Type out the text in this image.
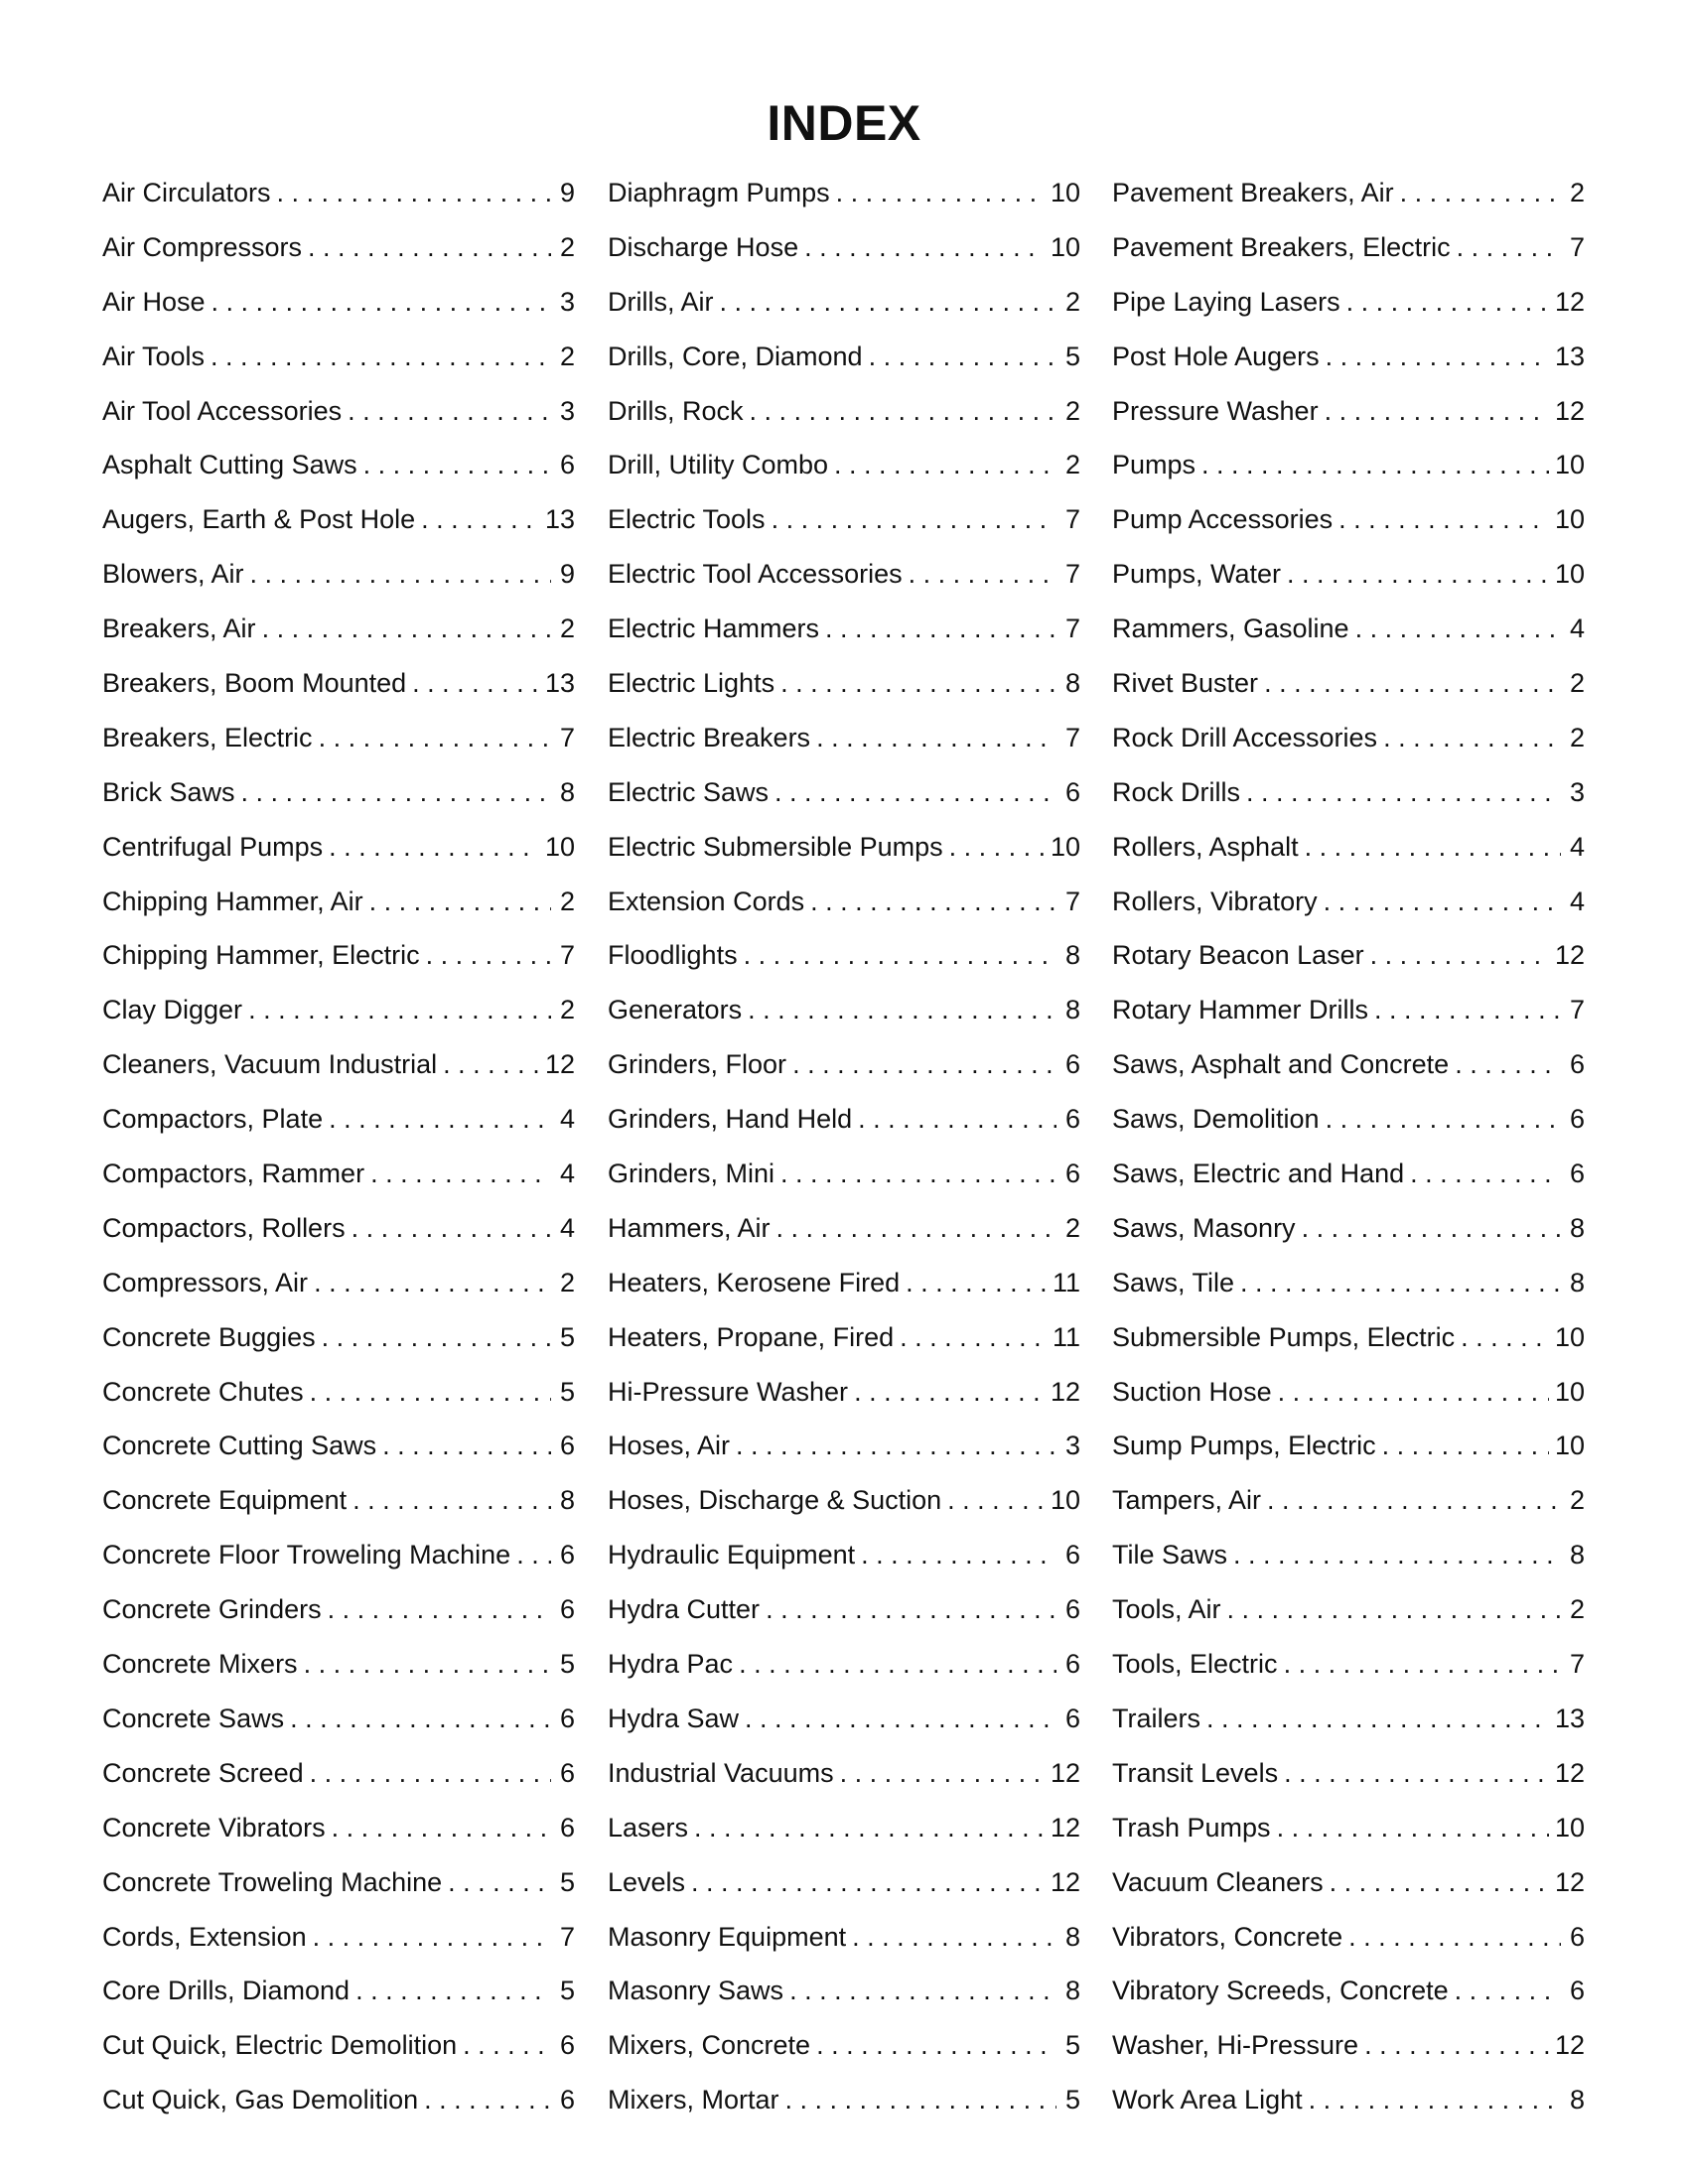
INDEX
Air Circulators . . .	9
Air Compressors . . .	2
Air Hose . . .	3
Air Tools . . .	2
Air Tool Accessories . . .	3
Asphalt Cutting Saws . . .	6
Augers, Earth & Post Hole . . .	13
Blowers, Air . . .	9
Breakers, Air . . .	2
Breakers, Boom Mounted . . .	13
Breakers, Electric . . .	7
Brick Saws . . .	8
Centrifugal Pumps . . .	10
Chipping Hammer, Air . . .	2
Chipping Hammer, Electric . . .	7
Clay Digger . . .	2
Cleaners, Vacuum Industrial . . .	12
Compactors, Plate . . .	4
Compactors, Rammer . . .	4
Compactors, Rollers . . .	4
Compressors, Air . . .	2
Concrete Buggies . . .	5
Concrete Chutes . . .	5
Concrete Cutting Saws . . .	6
Concrete Equipment . . .	8
Concrete Floor Troweling Machine . . . 6
Concrete Grinders . . .	6
Concrete Mixers . . .	5
Concrete Saws . . .	6
Concrete Screed . . .	6
Concrete Vibrators . . .	6
Concrete Troweling Machine . . .	5
Cords, Extension . . .	7
Core Drills, Diamond . . .	5
Cut Quick, Electric Demolition . . .	6
Cut Quick, Gas Demolition . . .	6
Diaphragm Pumps . . .	10
Discharge Hose . . .	10
Drills, Air . . .	2
Drills, Core, Diamond . . .	5
Drills, Rock . . .	2
Drill, Utility Combo . . .	2
Electric Tools . . .	7
Electric Tool Accessories . . .	7
Electric Hammers . . .	7
Electric Lights . . .	8
Electric Breakers . . .	7
Electric Saws . . .	6
Electric Submersible Pumps . . .	10
Extension Cords . . .	7
Floodlights . . .	8
Generators . . .	8
Grinders, Floor . . .	6
Grinders, Hand Held . . .	6
Grinders, Mini . . .	6
Hammers, Air . . .	2
Heaters, Kerosene Fired . . .	11
Heaters, Propane, Fired . . .	11
Hi-Pressure Washer . . .	12
Hoses, Air . . .	3
Hoses, Discharge & Suction . . .	10
Hydraulic Equipment . . .	6
Hydra Cutter . . .	6
Hydra Pac . . .	6
Hydra Saw . . .	6
Industrial Vacuums . . .	12
Lasers . . .	12
Levels . . .	12
Masonry Equipment . . .	8
Masonry Saws . . .	8
Mixers, Concrete . . .	5
Mixers, Mortar . . .	5
Pavement Breakers, Air . . .	2
Pavement Breakers, Electric . . .	7
Pipe Laying Lasers . . .	12
Post Hole Augers . . .	13
Pressure Washer . . .	12
Pumps . . .	10
Pump Accessories . . .	10
Pumps, Water . . .	10
Rammers, Gasoline . . .	4
Rivet Buster . . .	2
Rock Drill Accessories . . .	2
Rock Drills . . .	3
Rollers, Asphalt . . .	4
Rollers, Vibratory . . .	4
Rotary Beacon Laser . . .	12
Rotary Hammer Drills . . .	7
Saws, Asphalt and Concrete . . .	6
Saws, Demolition . . .	6
Saws, Electric and Hand . . .	6
Saws, Masonry . . .	8
Saws, Tile . . .	8
Submersible Pumps, Electric . . .	10
Suction Hose . . .	10
Sump Pumps, Electric . . .	10
Tampers, Air . . .	2
Tile Saws . . .	8
Tools, Air . . .	2
Tools, Electric . . .	7
Trailers . . .	13
Transit Levels . . .	12
Trash Pumps . . .	10
Vacuum Cleaners . . .	12
Vibrators, Concrete . . .	6
Vibratory Screeds, Concrete . . .	6
Washer, Hi-Pressure . . .	12
Work Area Light . . .	8
